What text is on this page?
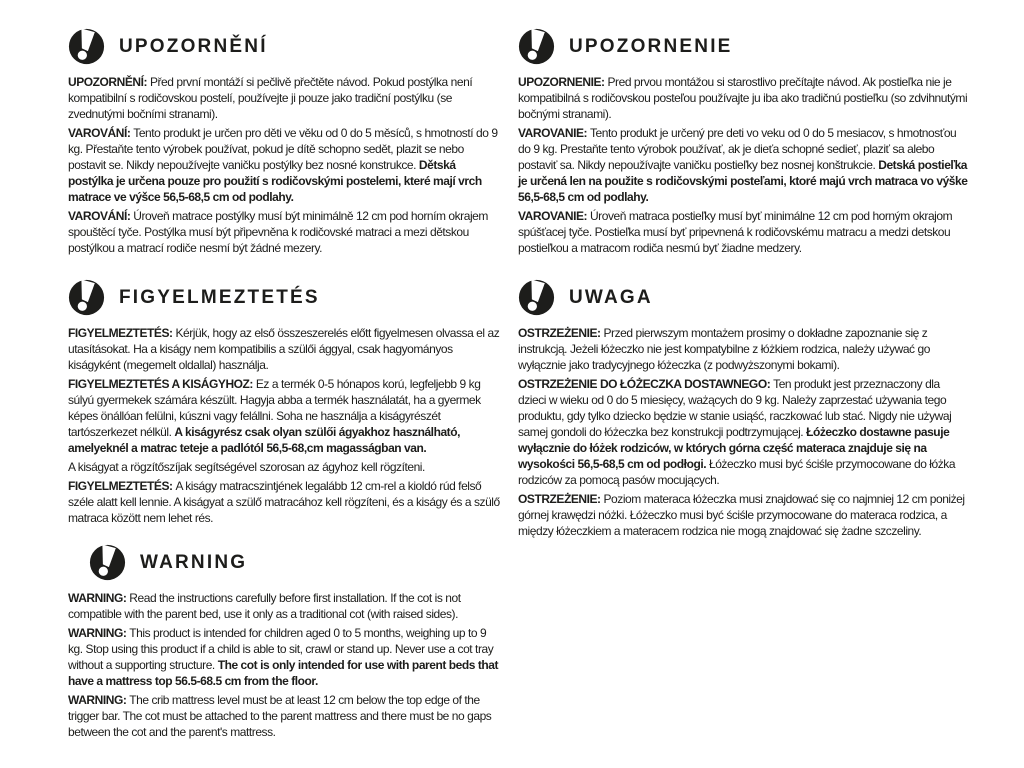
UPOZORNĚNÍ

UPOZORNĚNÍ: Před první montáží si pečlivě přečtěte návod. Pokud postýlka není kompatibilní s rodičovskou postelí, používejte ji pouze jako tradiční postýlku (se zvednutými bočními stranami).

VAROVÁNÍ: Tento produkt je určen pro děti ve věku od 0 do 5 měsíců, s hmotností do 9 kg. Přestaňte tento výrobek používat, pokud je dítě schopno sedět, plazit se nebo postavit se. Nikdy nepoužívejte vaničku postýlky bez nosné konstrukce. Dětská postýlka je určena pouze pro použití s rodičovskými postelemi, které mají vrch matrace ve výšce 56,5-68,5 cm od podlahy.

VAROVÁNÍ: Úroveň matrace postýlky musí být minimálně 12 cm pod horním okrajem spouštěcí tyče. Postýlka musí být připevněna k rodičovské matraci a mezi dětskou postýlkou a matrací rodiče nesmí být žádné mezery.

FIGYELMEZTETÉS

FIGYELMEZTETÉS: Kérjük, hogy az első összeszerelés előtt figyelmesen olvassa el az utasításokat. Ha a kiságy nem kompatibilis a szülői ággyal, csak hagyományos kiságyként (megemelt oldallal) használja.

FIGYELMEZTETÉS A KISÁGYHOZ: Ez a termék 0-5 hónapos korú, legfeljebb 9 kg súlyú gyermekek számára készült. Hagyja abba a termék használatát, ha a gyermek képes önállóan felülni, kúszni vagy felállni. Soha ne használja a kiságyrészét tartószerkezet nélkül. A kiságyrész csak olyan szülői ágyakhoz használható, amelyeknél a matrac teteje a padlótól 56,5-68,cm magasságban van.

A kiságyat a rögzítőszíjak segítségével szorosan az ágyhoz kell rögzíteni.

FIGYELMEZTETÉS: A kiságy matracszintjének legalább 12 cm-rel a kioldó rúd felső széle alatt kell lennie. A kiságyat a szülő matracához kell rögzíteni, és a kiságy és a szülő matraca között nem lehet rés.

WARNING

WARNING: Read the instructions carefully before first installation. If the cot is not compatible with the parent bed, use it only as a traditional cot (with raised sides).

WARNING: This product is intended for children aged 0 to 5 months, weighing up to 9 kg. Stop using this product if a child is able to sit, crawl or stand up. Never use a cot tray without a supporting structure. The cot is only intended for use with parent beds that have a mattress top 56.5-68.5 cm from the floor.

WARNING: The crib mattress level must be at least 12 cm below the top edge of the trigger bar. The cot must be attached to the parent mattress and there must be no gaps between the cot and the parent's mattress.

UPOZORNENIE

UPOZORNENIE: Pred prvou montážou si starostlivo prečítajte návod. Ak postieľka nie je kompatibilná s rodičovskou posteľou používajte ju iba ako tradičnú postieľku (so zdvihnutými bočnými stranami).

VAROVANIE: Tento produkt je určený pre deti vo veku od 0 do 5 mesiacov, s hmotnosťou do 9 kg. Prestaňte tento výrobok používať, ak je dieťa schopné sedieť, plaziť sa alebo postaviť sa. Nikdy nepoužívajte vaničku postieľky bez nosnej konštrukcie. Detská postieľka je určená len na použite s rodičovskými posteľami, ktoré majú vrch matraca vo výške 56,5-68,5 cm od podlahy.

VAROVANIE: Úroveň matraca postieľky musí byť minimálne 12 cm pod horným okrajom spúšťacej tyče. Postieľka musí byť pripevnená k rodičovskému matracu a medzi detskou postieľkou a matracom rodiča nesmú byť žiadne medzery.

UWAGA

OSTRZEŻENIE: Przed pierwszym montażem prosimy o dokładne zapoznanie się z instrukcją. Jeżeli łóżeczko nie jest kompatybilne z łóżkiem rodzica, należy używać go wyłącznie jako tradycyjnego łóżeczka (z podwyższonymi bokami).

OSTRZEŻENIE DO ŁÓŻECZKA DOSTAWNEGO: Ten produkt jest przeznaczony dla dzieci w wieku od 0 do 5 miesięcy, ważących do 9 kg. Należy zaprzestać używania tego produktu, gdy tylko dziecko będzie w stanie usiąść, raczkować lub stać. Nigdy nie używaj samej gondoli do łóżeczka bez konstrukcji podtrzymującej. Łóżeczko dostawne pasuje wyłącznie do łóżek rodziców, w których górna część materaca znajduje się na wysokości 56,5-68,5 cm od podłogi. Łóżeczko musi być ściśle przymocowane do łóżka rodziców za pomocą pasów mocujących.

OSTRZEŻENIE: Poziom materaca łóżeczka musi znajdować się co najmniej 12 cm poniżej górnej krawędzi nóżki. Łóżeczko musi być ściśle przymocowane do materaca rodzica, a między łóżeczkiem a materacem rodzica nie mogą znajdować się żadne szczeliny.
